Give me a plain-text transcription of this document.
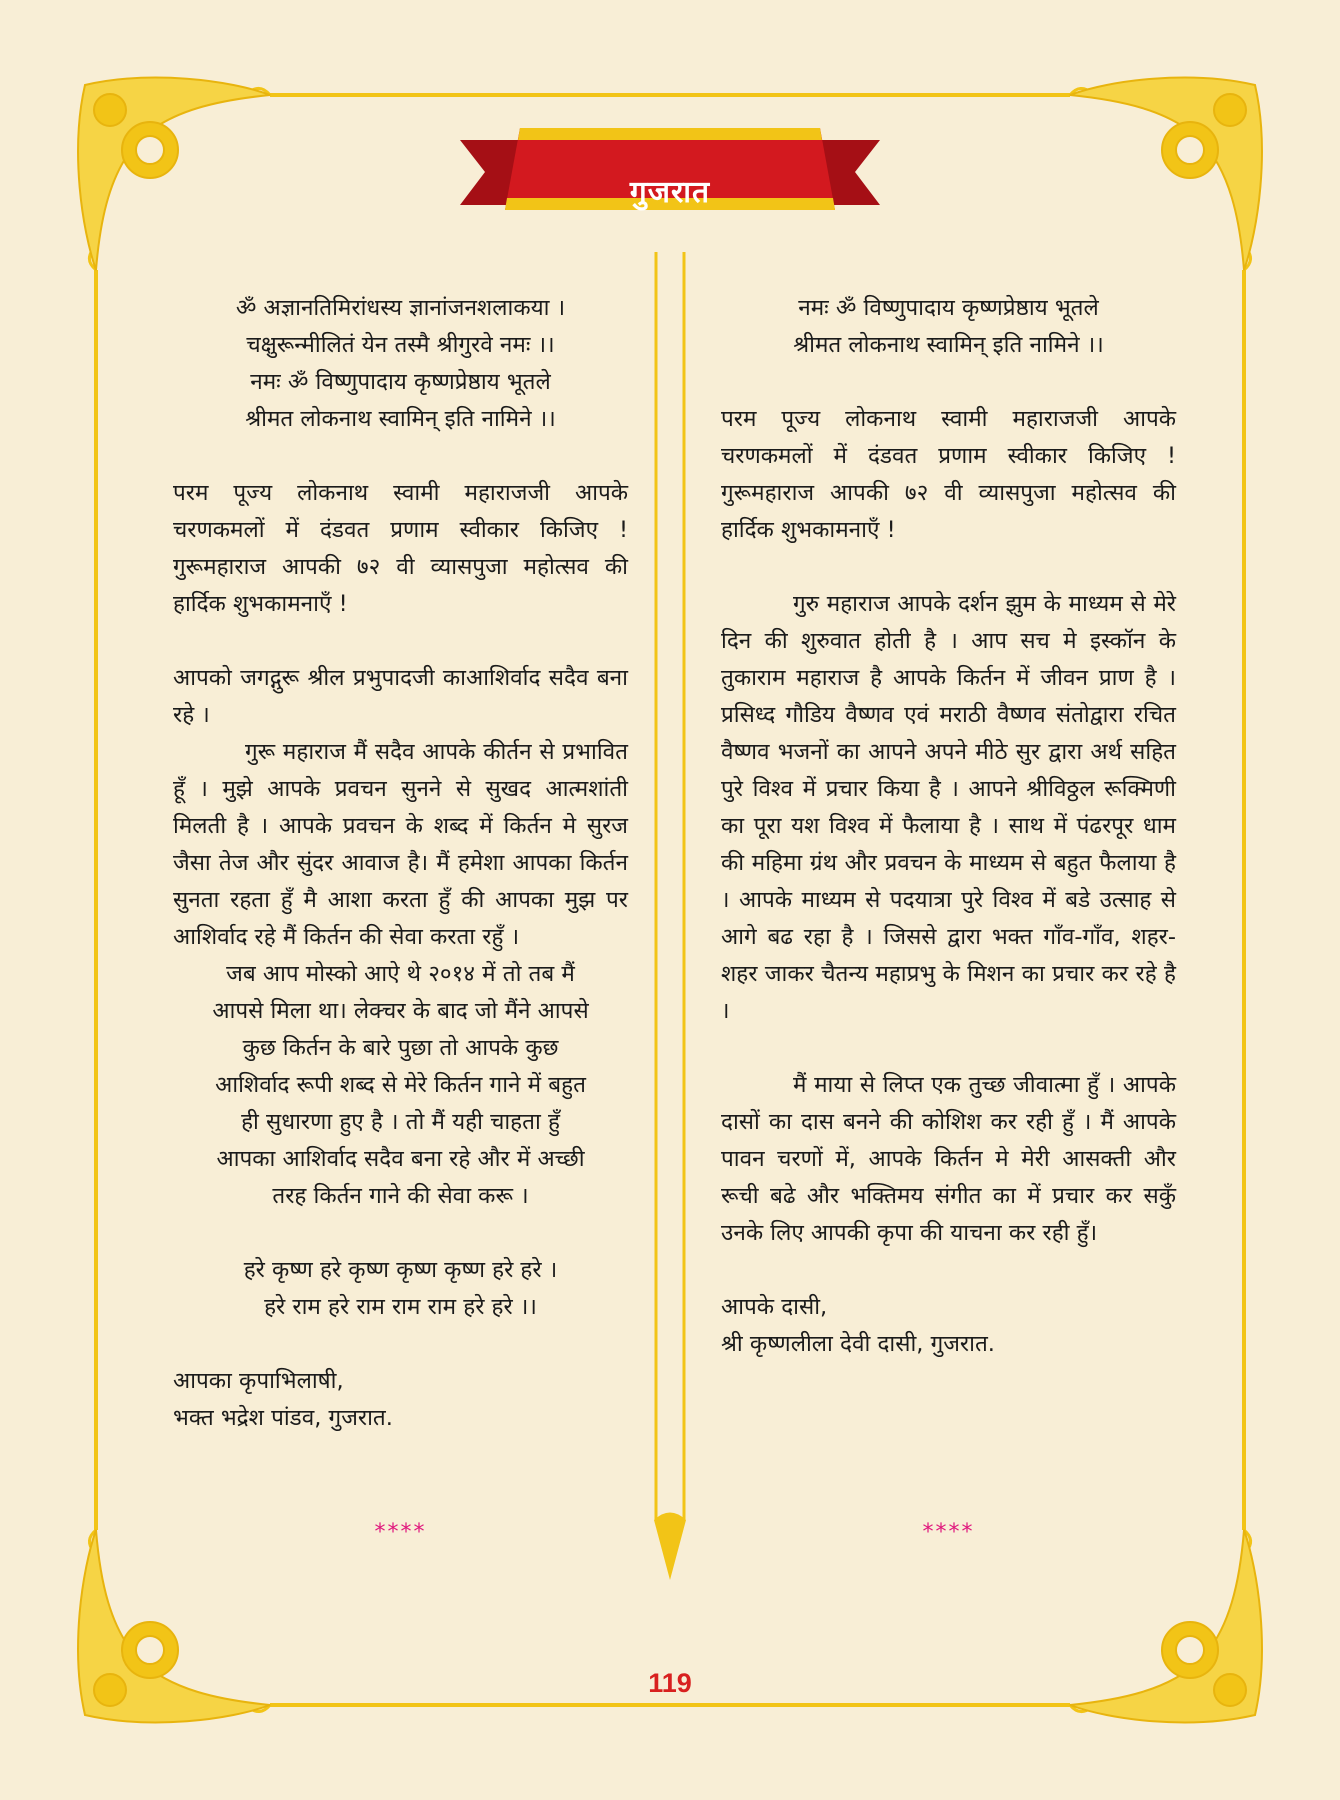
गुजरात

ॐ अज्ञानतिमिरांधस्य ज्ञानांजनशलाकया ।

चक्षुरून्मीलितं येन तस्मै श्रीगुरवे नमः ।।

नमः ॐ विष्णुपादाय कृष्णप्रेष्ठाय भूतले

श्रीमत लोकनाथ स्वामिन् इति नामिने ।।

परम पूज्य लोकनाथ स्वामी महाराजजी आपके चरणकमलों में दंडवत प्रणाम स्वीकार किजिए ! गुरूमहाराज आपकी ७२ वी व्यासपुजा महोत्सव की हार्दिक शुभकामनाएँ !

आपको जगद्गुरू श्रील प्रभुपादजी काआशिर्वाद सदैव बना रहे ।

गुरू महाराज मैं सदैव आपके कीर्तन से प्रभावित हूँ । मुझे आपके प्रवचन सुनने से सुखद आत्मशांती मिलती है । आपके प्रवचन के शब्द में किर्तन मे सुरज जैसा तेज और सुंदर आवाज है। मैं हमेशा आपका किर्तन सुनता रहता हुँ मै आशा करता हुँ की आपका मुझ पर आशिर्वाद रहे मैं किर्तन की सेवा करता रहुँ ।

जब आप मोस्को आऐ थे २०१४ में तो तब मैं

आपसे मिला था। लेक्चर के बाद जो मैंने आपसे

कुछ किर्तन के बारे पुछा तो आपके कुछ

आशिर्वाद रूपी शब्द से मेरे किर्तन गाने में बहुत

ही सुधारणा हुए है । तो मैं यही चाहता हुँ

आपका आशिर्वाद सदैव बना रहे और में अच्छी

तरह किर्तन गाने की सेवा करू ।

हरे कृष्ण हरे कृष्ण कृष्ण कृष्ण हरे हरे ।

हरे राम हरे राम राम राम हरे हरे ।।

आपका कृपाभिलाषी,

भक्त भद्रेश पांडव, गुजरात.

****

नमः ॐ विष्णुपादाय कृष्णप्रेष्ठाय भूतले

श्रीमत लोकनाथ स्वामिन् इति नामिने ।।

परम पूज्य लोकनाथ स्वामी महाराजजी आपके चरणकमलों में दंडवत प्रणाम स्वीकार किजिए ! गुरूमहाराज आपकी ७२ वी व्यासपुजा महोत्सव की हार्दिक शुभकामनाएँ !

गुरु महाराज आपके दर्शन झुम के माध्यम से मेरे दिन की शुरुवात होती है । आप सच मे इस्कॉन के तुकाराम महाराज है आपके किर्तन में जीवन प्राण है । प्रसिध्द गौडिय वैष्णव एवं मराठी वैष्णव संतोद्वारा रचित वैष्णव भजनों का आपने अपने मीठे सुर द्वारा अर्थ सहित पुरे विश्व में प्रचार किया है । आपने श्रीविठ्ठल रूक्मिणी का पूरा यश विश्व में फैलाया है । साथ में पंढरपूर धाम की महिमा ग्रंथ और प्रवचन के माध्यम से बहुत फैलाया है । आपके माध्यम से पदयात्रा पुरे विश्व में बडे उत्साह से आगे बढ रहा है । जिससे द्वारा भक्त गाँव-गाँव, शहर-शहर जाकर चैतन्य महाप्रभु के मिशन का प्रचार कर रहे है ।

मैं माया से लिप्त एक तुच्छ जीवात्मा हुँ । आपके दासों का दास बनने की कोशिश कर रही हुँ । मैं आपके पावन चरणों में, आपके किर्तन मे मेरी आसक्ती और रूची बढे और भक्तिमय संगीत का में प्रचार कर सकुँ उनके लिए आपकी कृपा की याचना कर रही हुँ।

आपके दासी,

श्री कृष्णलीला देवी दासी, गुजरात.

****
119
